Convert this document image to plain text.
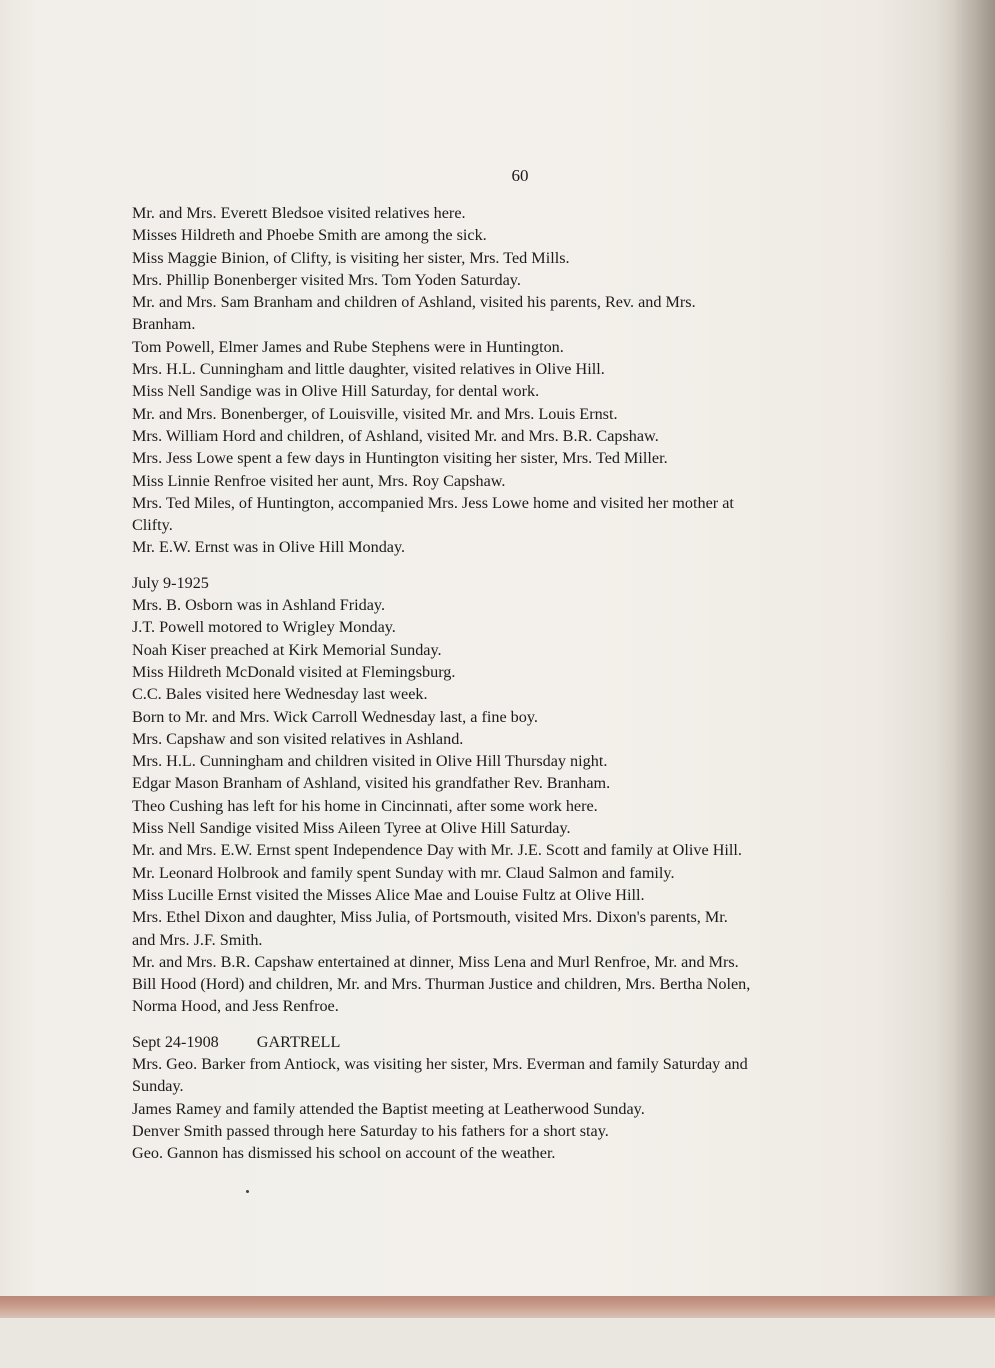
60
Mr. and Mrs. Everett Bledsoe visited relatives here.
Misses Hildreth and Phoebe Smith are among the sick.
Miss Maggie Binion, of Clifty, is visiting her sister, Mrs. Ted Mills.
Mrs. Phillip Bonenberger visited Mrs. Tom Yoden Saturday.
Mr. and Mrs. Sam Branham and children of Ashland, visited his parents, Rev. and Mrs.
Branham.
Tom Powell, Elmer James and Rube Stephens were in Huntington.
Mrs. H.L. Cunningham and little daughter, visited relatives in Olive Hill.
Miss Nell Sandige was in Olive Hill Saturday, for dental work.
Mr. and Mrs. Bonenberger, of Louisville, visited Mr. and Mrs. Louis Ernst.
Mrs. William Hord and children, of Ashland, visited Mr. and Mrs. B.R. Capshaw.
Mrs. Jess Lowe spent a few days in Huntington visiting her sister, Mrs. Ted Miller.
Miss Linnie Renfroe visited her aunt, Mrs. Roy Capshaw.
Mrs. Ted Miles, of Huntington, accompanied Mrs. Jess Lowe home and visited her mother at
Clifty.
Mr. E.W. Ernst was in Olive Hill Monday.
July 9-1925
Mrs. B. Osborn was in Ashland Friday.
J.T. Powell motored to Wrigley Monday.
Noah Kiser preached at Kirk Memorial Sunday.
Miss Hildreth McDonald visited at Flemingsburg.
C.C. Bales visited here Wednesday last week.
Born to Mr. and Mrs. Wick Carroll Wednesday last, a fine boy.
Mrs. Capshaw and son visited relatives in Ashland.
Mrs. H.L. Cunningham and children visited in Olive Hill Thursday night.
Edgar Mason Branham of Ashland, visited his grandfather Rev. Branham.
Theo Cushing has left for his home in Cincinnati, after some work here.
Miss Nell Sandige visited Miss Aileen Tyree at Olive Hill Saturday.
Mr. and Mrs. E.W. Ernst spent Independence Day with Mr. J.E. Scott and family at Olive Hill.
Mr. Leonard Holbrook and family spent Sunday with mr. Claud Salmon and family.
Miss Lucille Ernst visited the Misses Alice Mae and Louise Fultz at Olive Hill.
Mrs. Ethel Dixon and daughter, Miss Julia, of Portsmouth, visited Mrs. Dixon's parents, Mr.
and Mrs. J.F. Smith.
Mr. and Mrs. B.R. Capshaw entertained at dinner, Miss Lena and Murl Renfroe, Mr. and Mrs.
Bill Hood (Hord) and children, Mr. and Mrs. Thurman Justice and children, Mrs. Bertha Nolen,
Norma Hood, and Jess Renfroe.
Sept 24-1908 GARTRELL
Mrs. Geo. Barker from Antiock, was visiting her sister, Mrs. Everman and family Saturday and
Sunday.
James Ramey and family attended the Baptist meeting at Leatherwood Sunday.
Denver Smith passed through here Saturday to his fathers for a short stay.
Geo. Gannon has dismissed his school on account of the weather.
